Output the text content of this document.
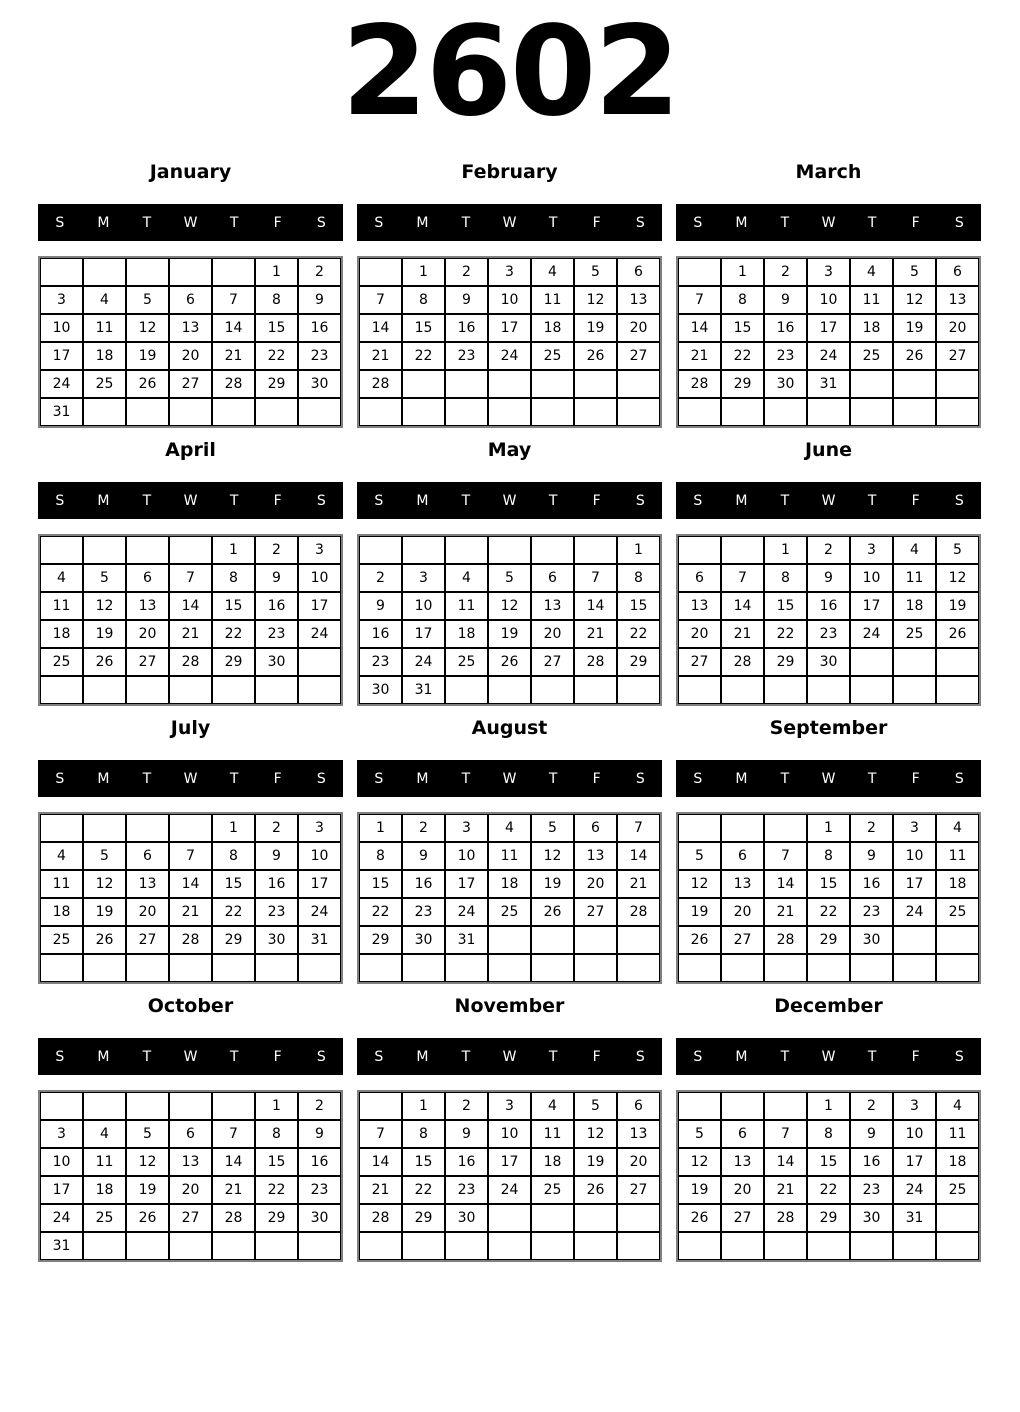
2602
January
S	M	T	W	T	F	S
					1	2
3	4	5	6	7	8	9
10	11	12	13	14	15	16
17	18	19	20	21	22	23
24	25	26	27	28	29	30
31						
February
S	M	T	W	T	F	S
	1	2	3	4	5	6
7	8	9	10	11	12	13
14	15	16	17	18	19	20
21	22	23	24	25	26	27
28						

March
S	M	T	W	T	F	S
	1	2	3	4	5	6
7	8	9	10	11	12	13
14	15	16	17	18	19	20
21	22	23	24	25	26	27
28	29	30	31			

April
S	M	T	W	T	F	S
				1	2	3
4	5	6	7	8	9	10
11	12	13	14	15	16	17
18	19	20	21	22	23	24
25	26	27	28	29	30	

May
S	M	T	W	T	F	S
						1
2	3	4	5	6	7	8
9	10	11	12	13	14	15
16	17	18	19	20	21	22
23	24	25	26	27	28	29
30	31					
June
S	M	T	W	T	F	S
		1	2	3	4	5
6	7	8	9	10	11	12
13	14	15	16	17	18	19
20	21	22	23	24	25	26
27	28	29	30			

July
S	M	T	W	T	F	S
				1	2	3
4	5	6	7	8	9	10
11	12	13	14	15	16	17
18	19	20	21	22	23	24
25	26	27	28	29	30	31

August
S	M	T	W	T	F	S
1	2	3	4	5	6	7
8	9	10	11	12	13	14
15	16	17	18	19	20	21
22	23	24	25	26	27	28
29	30	31				

September
S	M	T	W	T	F	S
			1	2	3	4
5	6	7	8	9	10	11
12	13	14	15	16	17	18
19	20	21	22	23	24	25
26	27	28	29	30		

October
S	M	T	W	T	F	S
					1	2
3	4	5	6	7	8	9
10	11	12	13	14	15	16
17	18	19	20	21	22	23
24	25	26	27	28	29	30
31						
November
S	M	T	W	T	F	S
	1	2	3	4	5	6
7	8	9	10	11	12	13
14	15	16	17	18	19	20
21	22	23	24	25	26	27
28	29	30				

December
S	M	T	W	T	F	S
			1	2	3	4
5	6	7	8	9	10	11
12	13	14	15	16	17	18
19	20	21	22	23	24	25
26	27	28	29	30	31	
